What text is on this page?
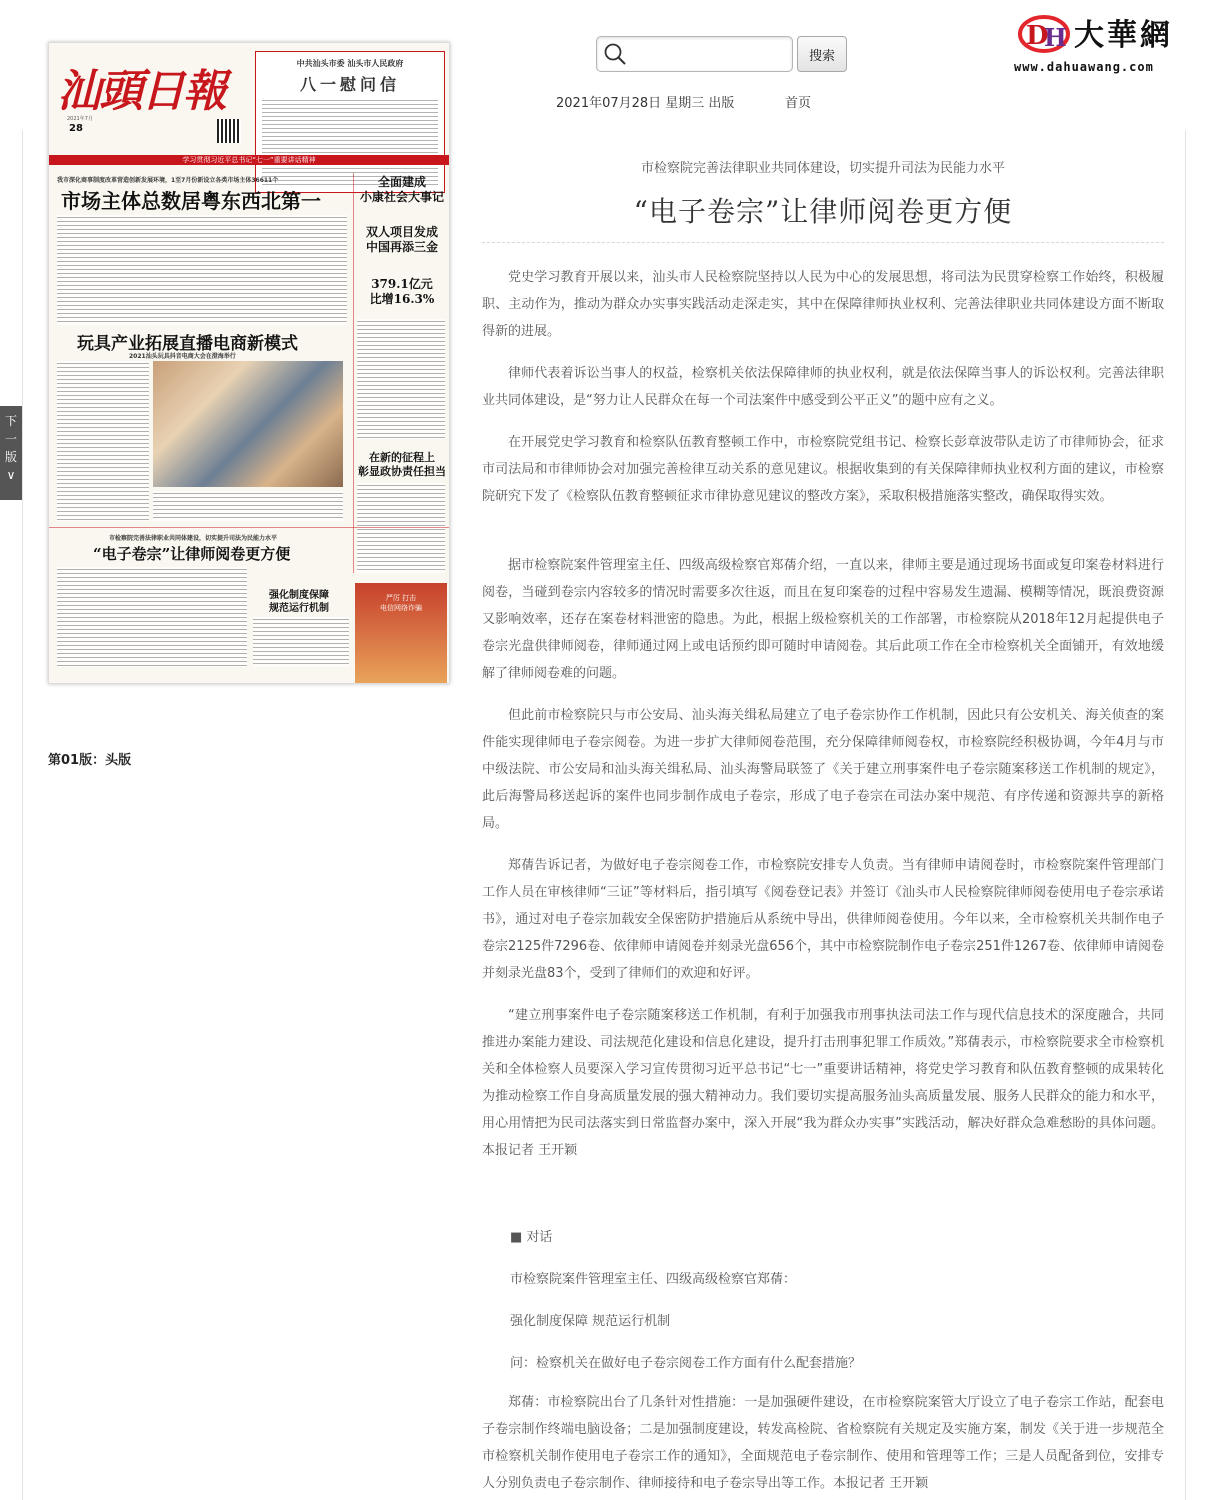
搜索
2021年07月28日 星期三 出版	首页
D
H 大華網
www.dahuawang.com
下一版 ∨
汕頭日報
2021年7月
28
中共汕头市委 汕头市人民政府
八一慰问信
学习贯彻习近平总书记“七一”重要讲话精神
我市深化商事制度改革营造创新发展环境，1至7月份新设立各类市场主体36611个
市场主体总数居粤东西北第一
全面建成
小康社会大事记
双人项目发成
中国再添三金
379.1亿元
比增16.3%
玩具产业拓展直播电商新模式
2021汕头玩具抖音电商大会在澄海举行
在新的征程上
彰显政协责任担当
市检察院完善法律职业共同体建设，切实提升司法为民能力水平
“电子卷宗”让律师阅卷更方便
强化制度保障
规范运行机制
严厉 打击
电信网络诈骗
第01版：头版
市检察院完善法律职业共同体建设，切实提升司法为民能力水平
“电子卷宗”让律师阅卷更方便

党史学习教育开展以来，汕头市人民检察院坚持以人民为中心的发展思想，将司法为民贯穿检察工作始终，积极履职、主动作为，推动为群众办实事实践活动走深走实，其中在保障律师执业权利、完善法律职业共同体建设方面不断取得新的进展。

律师代表着诉讼当事人的权益，检察机关依法保障律师的执业权利，就是依法保障当事人的诉讼权利。完善法律职业共同体建设，是“努力让人民群众在每一个司法案件中感受到公平正义”的题中应有之义。

在开展党史学习教育和检察队伍教育整顿工作中，市检察院党组书记、检察长彭章波带队走访了市律师协会，征求市司法局和市律师协会对加强完善检律互动关系的意见建议。根据收集到的有关保障律师执业权利方面的建议，市检察院研究下发了《检察队伍教育整顿征求市律协意见建议的整改方案》，采取积极措施落实整改，确保取得实效。

据市检察院案件管理室主任、四级高级检察官郑蒨介绍，一直以来，律师主要是通过现场书面或复印案卷材料进行阅卷，当碰到卷宗内容较多的情况时需要多次往返，而且在复印案卷的过程中容易发生遗漏、模糊等情况，既浪费资源又影响效率，还存在案卷材料泄密的隐患。为此，根据上级检察机关的工作部署，市检察院从2018年12月起提供电子卷宗光盘供律师阅卷，律师通过网上或电话预约即可随时申请阅卷。其后此项工作在全市检察机关全面铺开，有效地缓解了律师阅卷难的问题。

但此前市检察院只与市公安局、汕头海关缉私局建立了电子卷宗协作工作机制，因此只有公安机关、海关侦查的案件能实现律师电子卷宗阅卷。为进一步扩大律师阅卷范围，充分保障律师阅卷权，市检察院经积极协调，今年4月与市中级法院、市公安局和汕头海关缉私局、汕头海警局联签了《关于建立刑事案件电子卷宗随案移送工作机制的规定》，此后海警局移送起诉的案件也同步制作成电子卷宗，形成了电子卷宗在司法办案中规范、有序传递和资源共享的新格局。

郑蒨告诉记者，为做好电子卷宗阅卷工作，市检察院安排专人负责。当有律师申请阅卷时，市检察院案件管理部门工作人员在审核律师“三证”等材料后，指引填写《阅卷登记表》并签订《汕头市人民检察院律师阅卷使用电子卷宗承诺书》，通过对电子卷宗加载安全保密防护措施后从系统中导出，供律师阅卷使用。今年以来，全市检察机关共制作电子卷宗2125件7296卷、依律师申请阅卷并刻录光盘656个，其中市检察院制作电子卷宗251件1267卷、依律师申请阅卷并刻录光盘83个，受到了律师们的欢迎和好评。

“建立刑事案件电子卷宗随案移送工作机制，有利于加强我市刑事执法司法工作与现代信息技术的深度融合，共同推进办案能力建设、司法规范化建设和信息化建设，提升打击刑事犯罪工作质效。”郑蒨表示，市检察院要求全市检察机关和全体检察人员要深入学习宣传贯彻习近平总书记“七一”重要讲话精神，将党史学习教育和队伍教育整顿的成果转化为推动检察工作自身高质量发展的强大精神动力。我们要切实提高服务汕头高质量发展、服务人民群众的能力和水平，用心用情把为民司法落实到日常监督办案中，深入开展“我为群众办实事”实践活动，解决好群众急难愁盼的具体问题。本报记者 王开颖

■ 对话
市检察院案件管理室主任、四级高级检察官郑蒨：
强化制度保障 规范运行机制
问：检察机关在做好电子卷宗阅卷工作方面有什么配套措施？

郑蒨：市检察院出台了几条针对性措施：一是加强硬件建设，在市检察院案管大厅设立了电子卷宗工作站，配套电子卷宗制作终端电脑设备；二是加强制度建设，转发高检院、省检察院有关规定及实施方案，制发《关于进一步规范全市检察机关制作使用电子卷宗工作的通知》，全面规范电子卷宗制作、使用和管理等工作；三是人员配备到位，安排专人分别负责电子卷宗制作、律师接待和电子卷宗导出等工作。本报记者 王开颖
